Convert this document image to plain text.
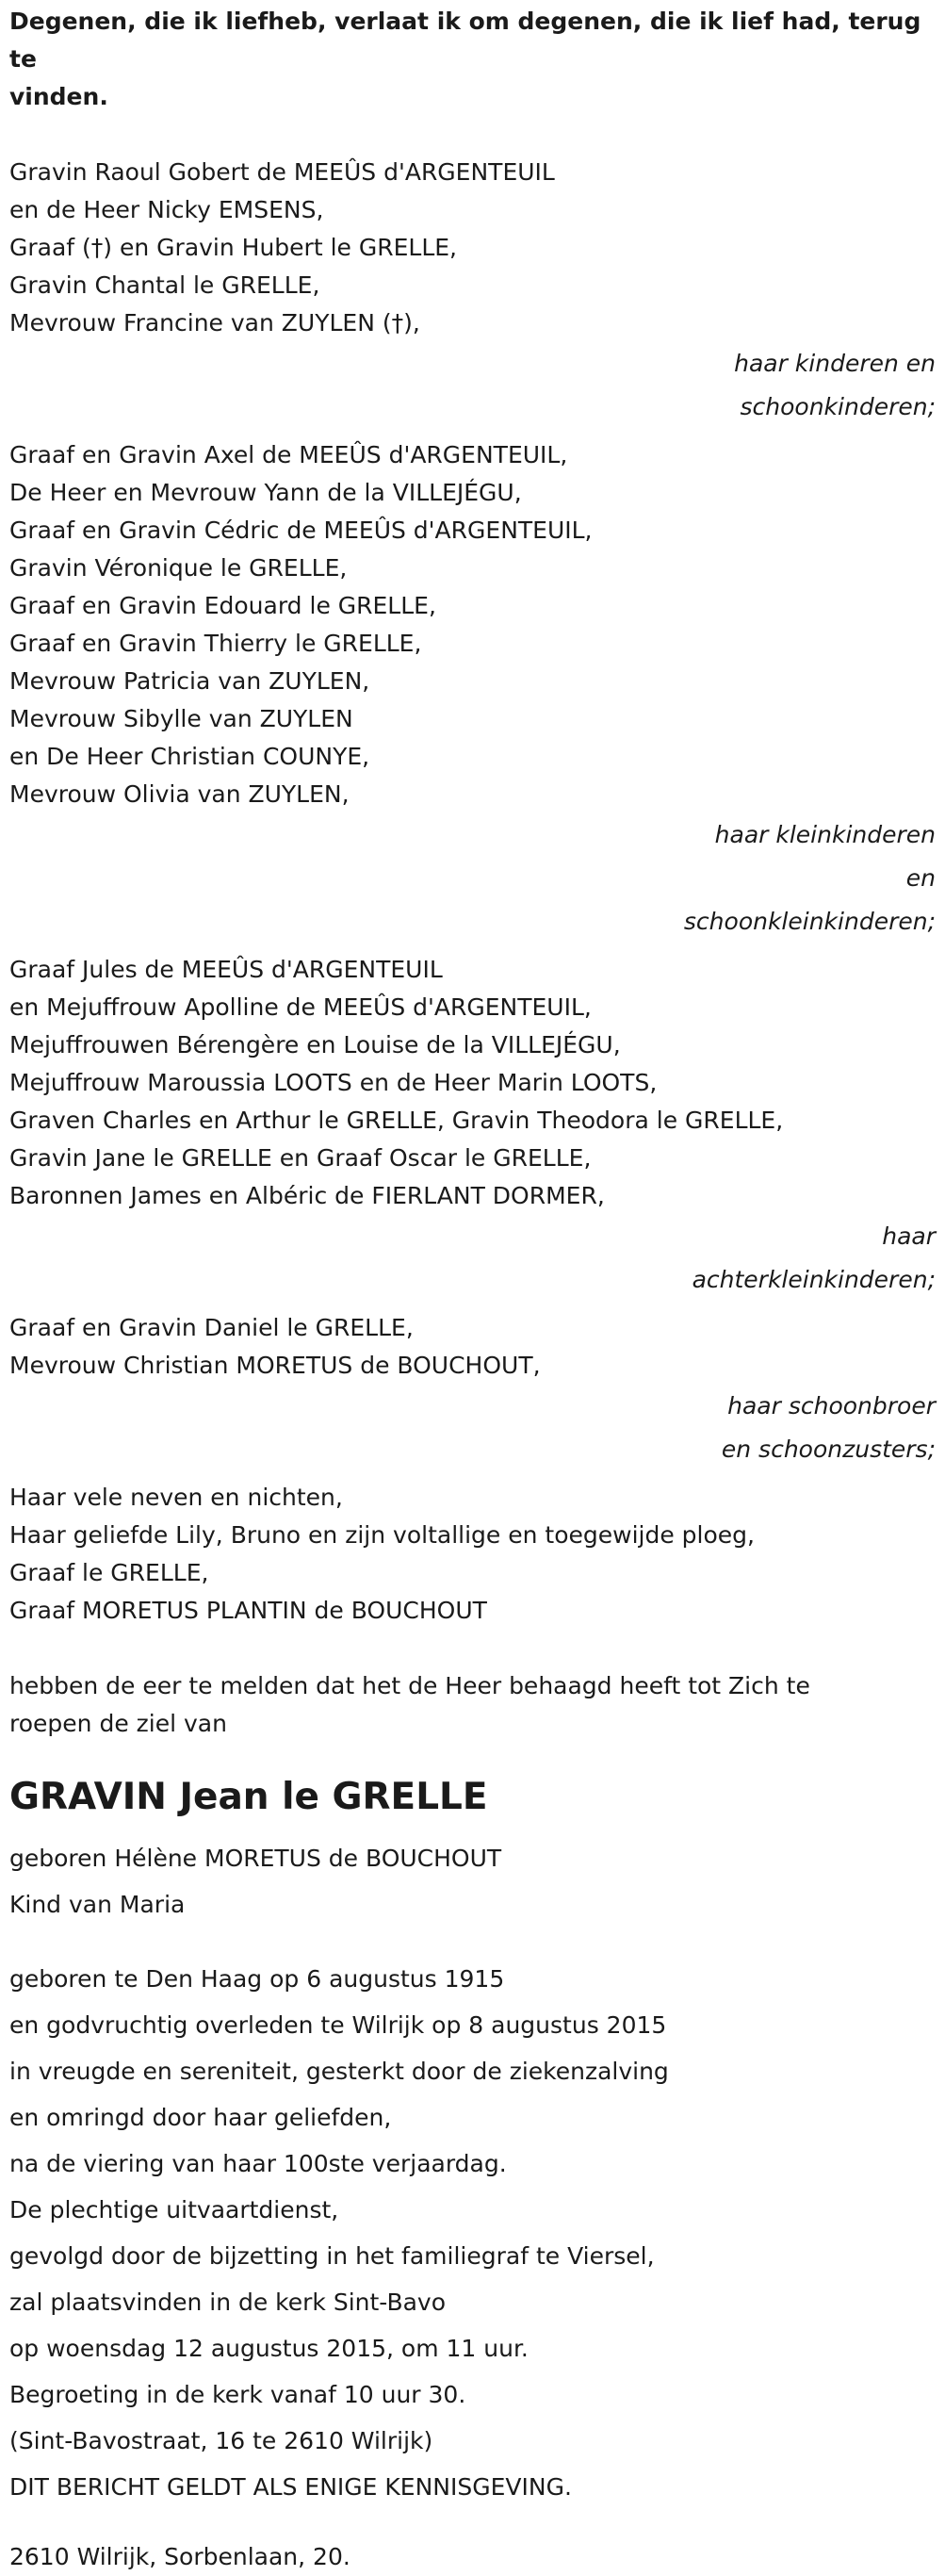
Degenen, die ik liefheb, verlaat ik om degenen, die ik lief had, terug te
vinden.
Gravin Raoul Gobert de MEEÛS d'ARGENTEUIL
en de Heer Nicky EMSENS,
Graaf (†) en Gravin Hubert le GRELLE,
Gravin Chantal le GRELLE,
Mevrouw Francine van ZUYLEN (†),
haar kinderen en
schoonkinderen;
Graaf en Gravin Axel de MEEÛS d'ARGENTEUIL,
De Heer en Mevrouw Yann de la VILLEJÉGU,
Graaf en Gravin Cédric de MEEÛS d'ARGENTEUIL,
Gravin Véronique le GRELLE,
Graaf en Gravin Edouard le GRELLE,
Graaf en Gravin Thierry le GRELLE,
Mevrouw Patricia van ZUYLEN,
Mevrouw Sibylle van ZUYLEN
en De Heer Christian COUNYE,
Mevrouw Olivia van ZUYLEN,
haar kleinkinderen
en
schoonkleinkinderen;
Graaf Jules de MEEÛS d'ARGENTEUIL
en Mejuffrouw Apolline de MEEÛS d'ARGENTEUIL,
Mejuffrouwen Bérengère en Louise de la VILLEJÉGU,
Mejuffrouw Maroussia LOOTS en de Heer Marin LOOTS,
Graven Charles en Arthur le GRELLE, Gravin Theodora le GRELLE,
Gravin Jane le GRELLE en Graaf Oscar le GRELLE,
Baronnen James en Albéric de FIERLANT DORMER,
haar
achterkleinkinderen;
Graaf en Gravin Daniel le GRELLE,
Mevrouw Christian MORETUS de BOUCHOUT,
haar schoonbroer
en schoonzusters;
Haar vele neven en nichten,
Haar geliefde Lily, Bruno en zijn voltallige en toegewijde ploeg,
Graaf le GRELLE,
Graaf MORETUS PLANTIN de BOUCHOUT
hebben de eer te melden dat het de Heer behaagd heeft tot Zich te
roepen de ziel van
GRAVIN Jean le GRELLE
geboren Hélène MORETUS de BOUCHOUT
Kind van Maria
geboren te Den Haag op 6 augustus 1915
en godvruchtig overleden te Wilrijk op 8 augustus 2015
in vreugde en sereniteit, gesterkt door de ziekenzalving
en omringd door haar geliefden,
na de viering van haar 100ste verjaardag.
De plechtige uitvaartdienst,
gevolgd door de bijzetting in het familiegraf te Viersel,
zal plaatsvinden in de kerk Sint-Bavo
op woensdag 12 augustus 2015, om 11 uur.
Begroeting in de kerk vanaf 10 uur 30.
(Sint-Bavostraat, 16 te 2610 Wilrijk)
DIT BERICHT GELDT ALS ENIGE KENNISGEVING.
2610 Wilrijk, Sorbenlaan, 20.
